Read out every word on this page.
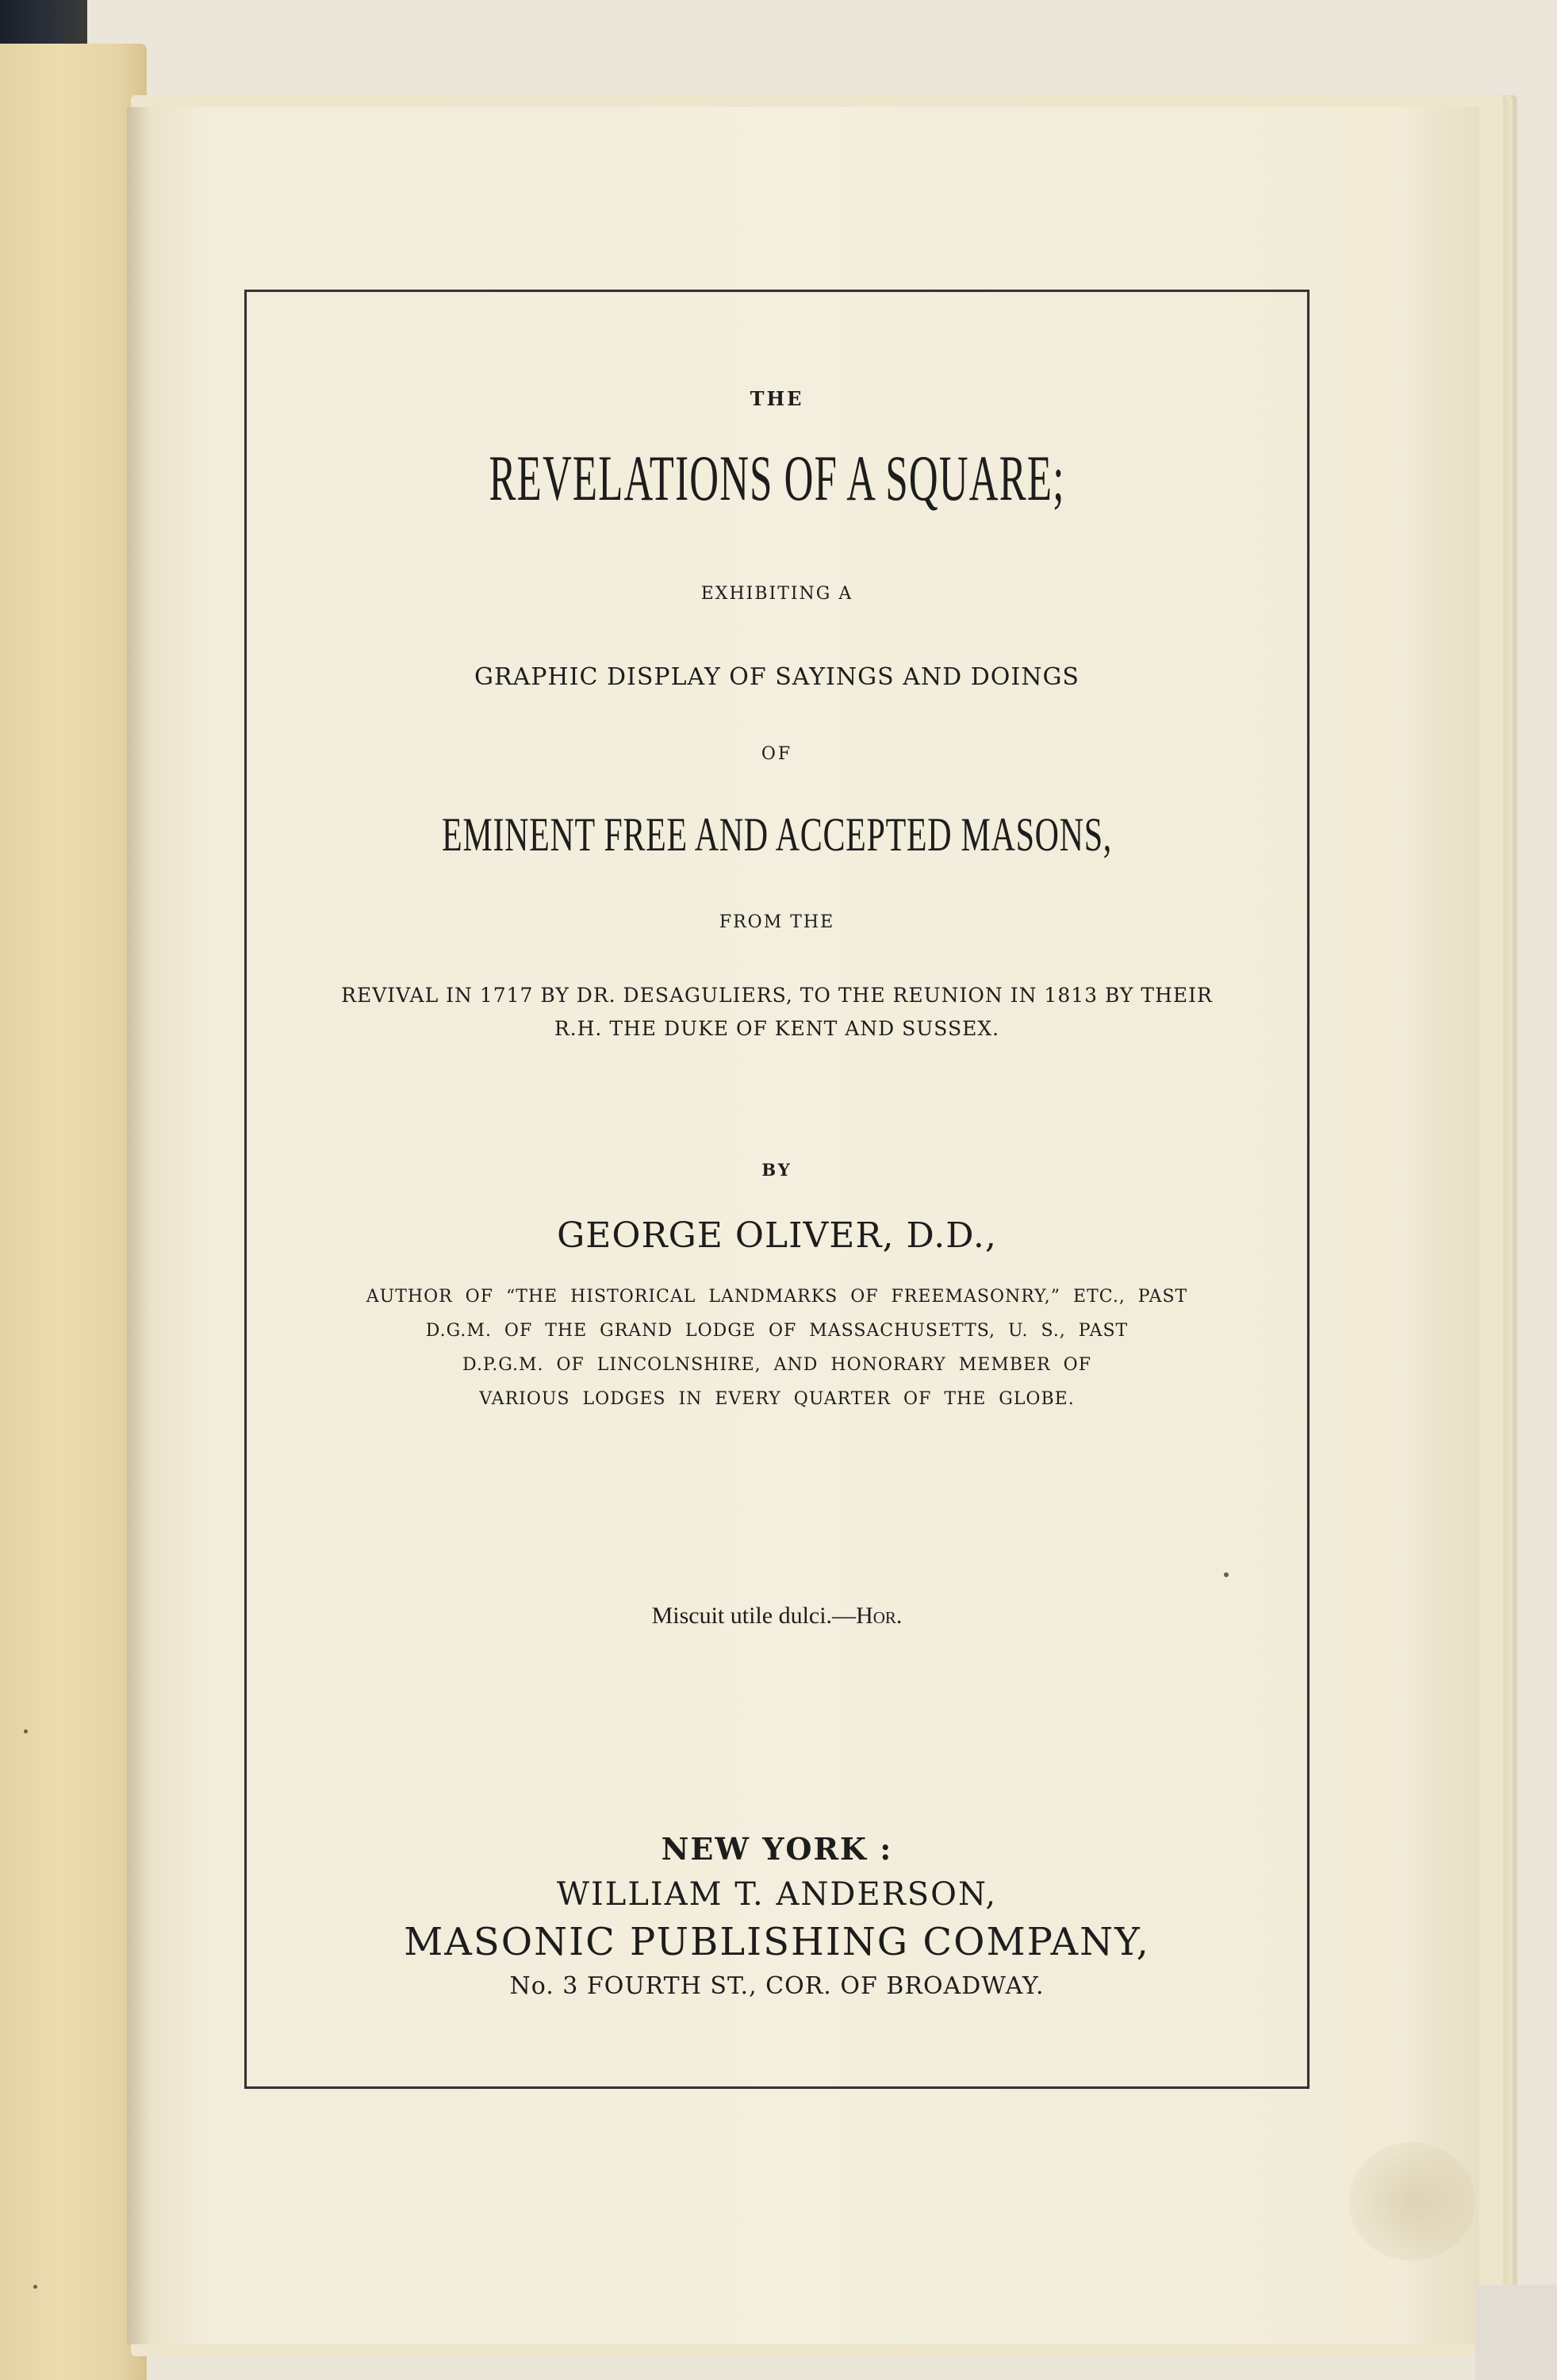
THE
REVELATIONS OF A SQUARE;
EXHIBITING A
GRAPHIC DISPLAY OF SAYINGS AND DOINGS
OF
EMINENT FREE AND ACCEPTED MASONS,
FROM THE
REVIVAL IN 1717 BY DR. DESAGULIERS, TO THE REUNION IN 1813 BY THEIR
R.H. THE DUKE OF KENT AND SUSSEX.
BY
GEORGE OLIVER, D.D.,
AUTHOR OF “THE HISTORICAL LANDMARKS OF FREEMASONRY,” ETC., PAST
D.G.M. OF THE GRAND LODGE OF MASSACHUSETTS, U. S., PAST
D.P.G.M. OF LINCOLNSHIRE, AND HONORARY MEMBER OF
VARIOUS LODGES IN EVERY QUARTER OF THE GLOBE.
Miscuit utile dulci.—Hor.
NEW YORK :
WILLIAM T. ANDERSON,
MASONIC PUBLISHING COMPANY,
No. 3 FOURTH ST., COR. OF BROADWAY.
